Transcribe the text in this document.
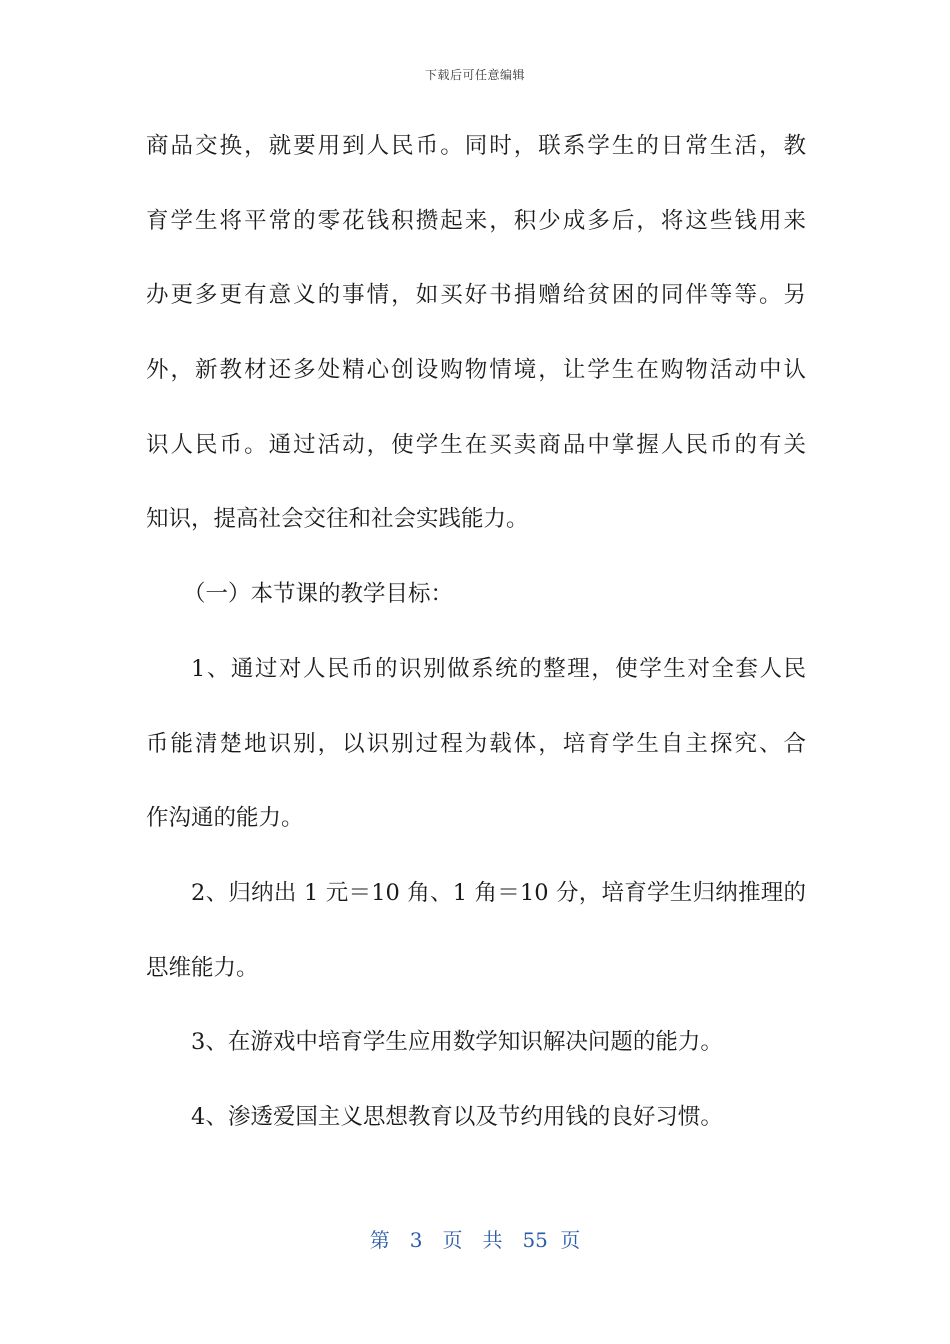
下载后可任意编辑
商品交换，就要用到人民币。同时，联系学生的日常生活，教
育学生将平常的零花钱积攒起来，积少成多后，将这些钱用来
办更多更有意义的事情，如买好书捐赠给贫困的同伴等等。另
外，新教材还多处精心创设购物情境，让学生在购物活动中认
识人民币。通过活动，使学生在买卖商品中掌握人民币的有关
知识，提高社会交往和社会实践能力。
（一）本节课的教学目标：
1、通过对人民币的识别做系统的整理，使学生对全套人民
币能清楚地识别，以识别过程为载体，培育学生自主探究、合
作沟通的能力。
2、归纳出 1 元＝10 角、1 角＝10 分，培育学生归纳推理的
思维能力。
3、在游戏中培育学生应用数学知识解决问题的能力。
4、渗透爱国主义思想教育以及节约用钱的良好习惯。
第　3　页　共　55 页
